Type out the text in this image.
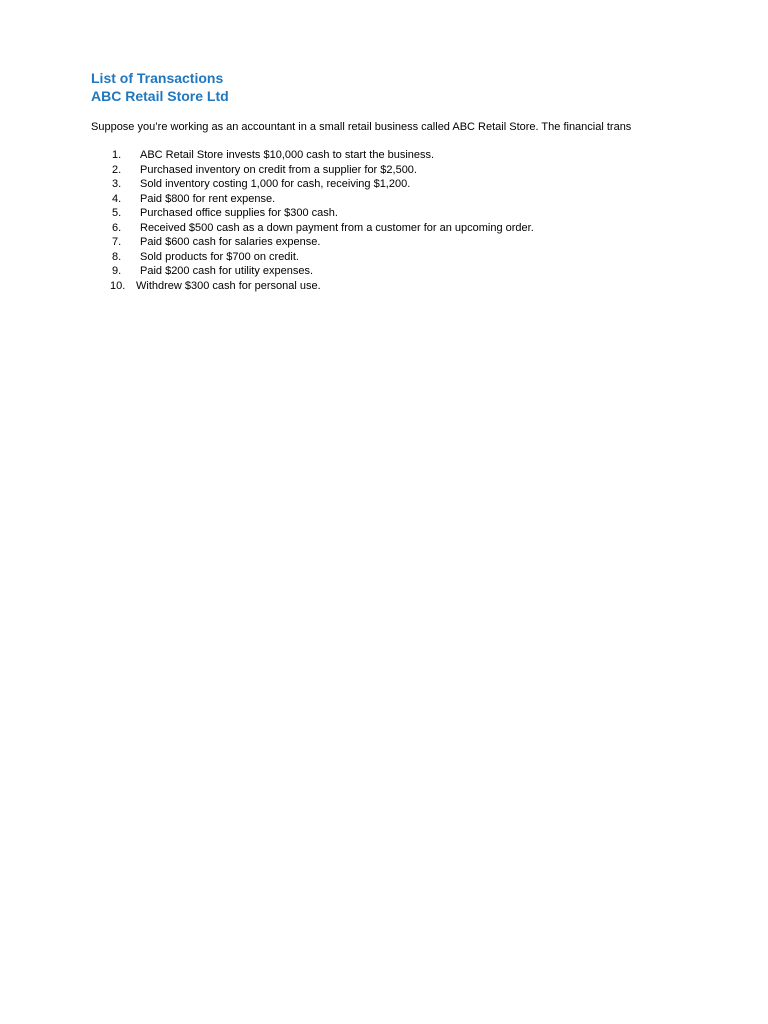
List of Transactions
ABC Retail Store Ltd
Suppose you’re working as an accountant in a small retail business called ABC Retail Store. The financial trans
1.	ABC Retail Store invests $10,000 cash to start the business.
2.	Purchased inventory on credit from a supplier for $2,500.
3.	Sold inventory costing 1,000 for cash, receiving $1,200.
4.	Paid $800 for rent expense.
5.	Purchased office supplies for $300 cash.
6.	Received $500 cash as a down payment from a customer for an upcoming order.
7.	Paid $600 cash for salaries expense.
8.	Sold products for $700 on credit.
9.	Paid $200 cash for utility expenses.
10. Withdrew $300 cash for personal use.
